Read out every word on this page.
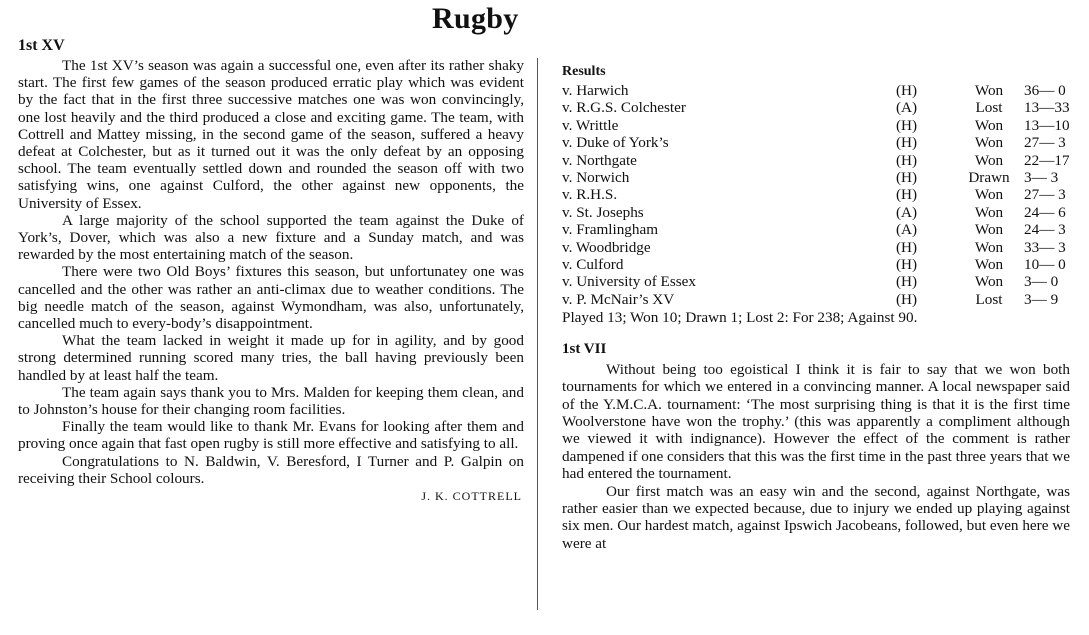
Rugby
1st XV

The 1st XV’s season was again a successful one, even after its rather shaky start. The first few games of the season produced erratic play which was evident by the fact that in the first three successive matches one was won convincingly, one lost heavily and the third produced a close and exciting game. The team, with Cottrell and Mattey missing, in the second game of the season, suffered a heavy defeat at Colchester, but as it turned out it was the only defeat by an opposing school. The team eventually settled down and rounded the season off with two satisfying wins, one against Culford, the other against new opponents, the University of Essex.

A large majority of the school supported the team against the Duke of York’s, Dover, which was also a new fixture and a Sunday match, and was rewarded by the most entertaining match of the season.

There were two Old Boys’ fixtures this season, but unfortunatey one was cancelled and the other was rather an anti-climax due to weather conditions. The big needle match of the season, against Wymondham, was also, unfortunately, cancelled much to every-body’s disappointment.

What the team lacked in weight it made up for in agility, and by good strong determined running scored many tries, the ball having previously been handled by at least half the team.

The team again says thank you to Mrs. Malden for keeping them clean, and to Johnston’s house for their changing room facilities.

Finally the team would like to thank Mr. Evans for looking after them and proving once again that fast open rugby is still more effective and satisfying to all.

Congratulations to N. Baldwin, V. Beresford, I Turner and P. Galpin on receiving their School colours.

J. K. COTTRELL
Results
v. Harwich	(H)	Won	36— 0
v. R.G.S. Colchester	(A)	Lost	13—33
v. Writtle	(H)	Won	13—10
v. Duke of York’s	(H)	Won	27— 3
v. Northgate	(H)	Won	22—17
v. Norwich	(H)	Drawn	3— 3
v. R.H.S.	(H)	Won	27— 3
v. St. Josephs	(A)	Won	24— 6
v. Framlingham	(A)	Won	24— 3
v. Woodbridge	(H)	Won	33— 3
v. Culford	(H)	Won	10— 0
v. University of Essex	(H)	Won	3— 0
v. P. McNair’s XV	(H)	Lost	3— 9
Played 13; Won 10; Drawn 1; Lost 2: For 238; Against 90.
1st VII

Without being too egoistical I think it is fair to say that we won both tournaments for which we entered in a convincing manner. A local newspaper said of the Y.M.C.A. tournament: ‘The most surprising thing is that it is the first time Woolverstone have won the trophy.’ (this was apparently a compliment although we viewed it with indignance). However the effect of the comment is rather dampened if one considers that this was the first time in the past three years that we had entered the tournament.

Our first match was an easy win and the second, against Northgate, was rather easier than we expected because, due to injury we ended up playing against six men. Our hardest match, against Ipswich Jacobeans, followed, but even here we were at
